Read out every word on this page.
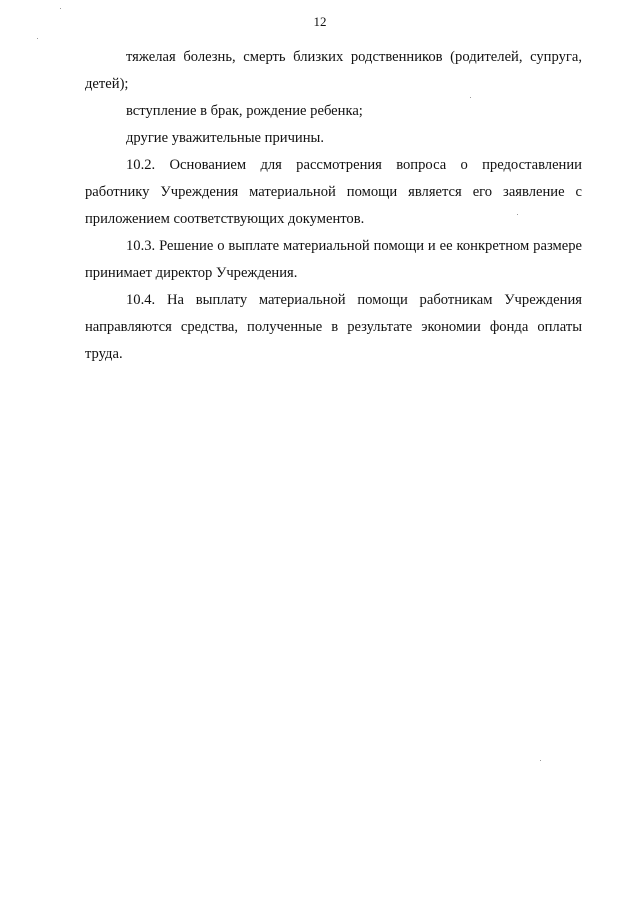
12

тяжелая болезнь, смерть близких родственников (родителей, супруга, детей);

вступление в брак, рождение ребенка;

другие уважительные причины.

10.2. Основанием для рассмотрения вопроса о предоставлении работнику Учреждения материальной помощи является его заявление с приложением соответствующих документов.

10.3. Решение о выплате материальной помощи и ее конкретном размере принимает директор Учреждения.

10.4. На выплату материальной помощи работникам Учреждения направляются средства, полученные в результате экономии фонда оплаты труда.
